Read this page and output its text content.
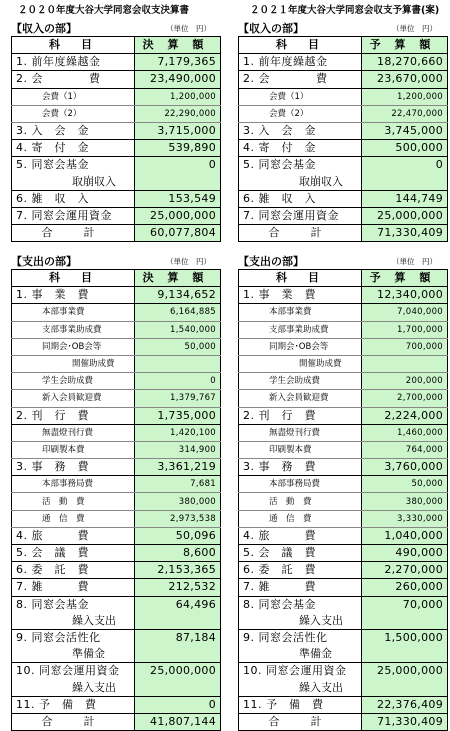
２０２０年度大谷大学同窓会収支決算書	２０２１年度大谷大学同窓会収支予算書(案)
【収入の部】	（単位　円） 【収入の部】	（単位　円）
科　目	決 算 額
1. 前年度繰越金	7,179,365
2. 会　　　　費	23,490,000
会費（1）	1,200,000
会費（2）	22,290,000
3. 入　会　金	3,715,000
4. 寄　付　金	539,890
5. 同窓会基金	0
取崩収入	
6. 雑　収　入	153,549
7. 同窓会運用資金	25,000,000
合　計	60,077,804
科　目	予 算 額
1. 前年度繰越金	18,270,660
2. 会　　　　費	23,670,000
会費（1）	1,200,000
会費（2）	22,470,000
3. 入　会　金	3,745,000
4. 寄　付　金	500,000
5. 同窓会基金	0
取崩収入	
6. 雑　収　入	144,749
7. 同窓会運用資金	25,000,000
合　計	71,330,409
【支出の部】	（単位　円） 【支出の部】	（単位　円）
科　目	決 算 額
1. 事　業　費	9,134,652
本部事業費	6,164,885
支部事業助成費	1,540,000
同期会･OB会等	50,000
開催助成費	
学生会助成費	0
新入会員歓迎費	1,379,767
2. 刊　行　費	1,735,000
無盡燈刊行費	1,420,100
印刷製本費	314,900
3. 事　務　費	3,361,219
本部事務局費	7,681
活　動　費	380,000
通　信　費	2,973,538
4. 旅　　　費	50,096
5. 会　議　費	8,600
6. 委　託　費	2,153,365
7. 雑　　　費	212,532
8. 同窓会基金	64,496
繰入支出	
9. 同窓会活性化	87,184
準備金	
10. 同窓会運用資金	25,000,000
繰入支出	
11. 予　備　費	0
合　計	41,807,144
科　目	予 算 額
1. 事　業　費	12,340,000
本部事業費	7,040,000
支部事業助成費	1,700,000
同期会･OB会等	700,000
開催助成費	
学生会助成費	200,000
新入会員歓迎費	2,700,000
2. 刊　行　費	2,224,000
無盡燈刊行費	1,460,000
印刷製本費	764,000
3. 事　務　費	3,760,000
本部事務局費	50,000
活　動　費	380,000
通　信　費	3,330,000
4. 旅　　　費	1,040,000
5. 会　議　費	490,000
6. 委　託　費	2,270,000
7. 雑　　　費	260,000
8. 同窓会基金	70,000
繰入支出	
9. 同窓会活性化	1,500,000
準備金	
10. 同窓会運用資金	25,000,000
繰入支出	
11. 予　備　費	22,376,409
合　計	71,330,409
